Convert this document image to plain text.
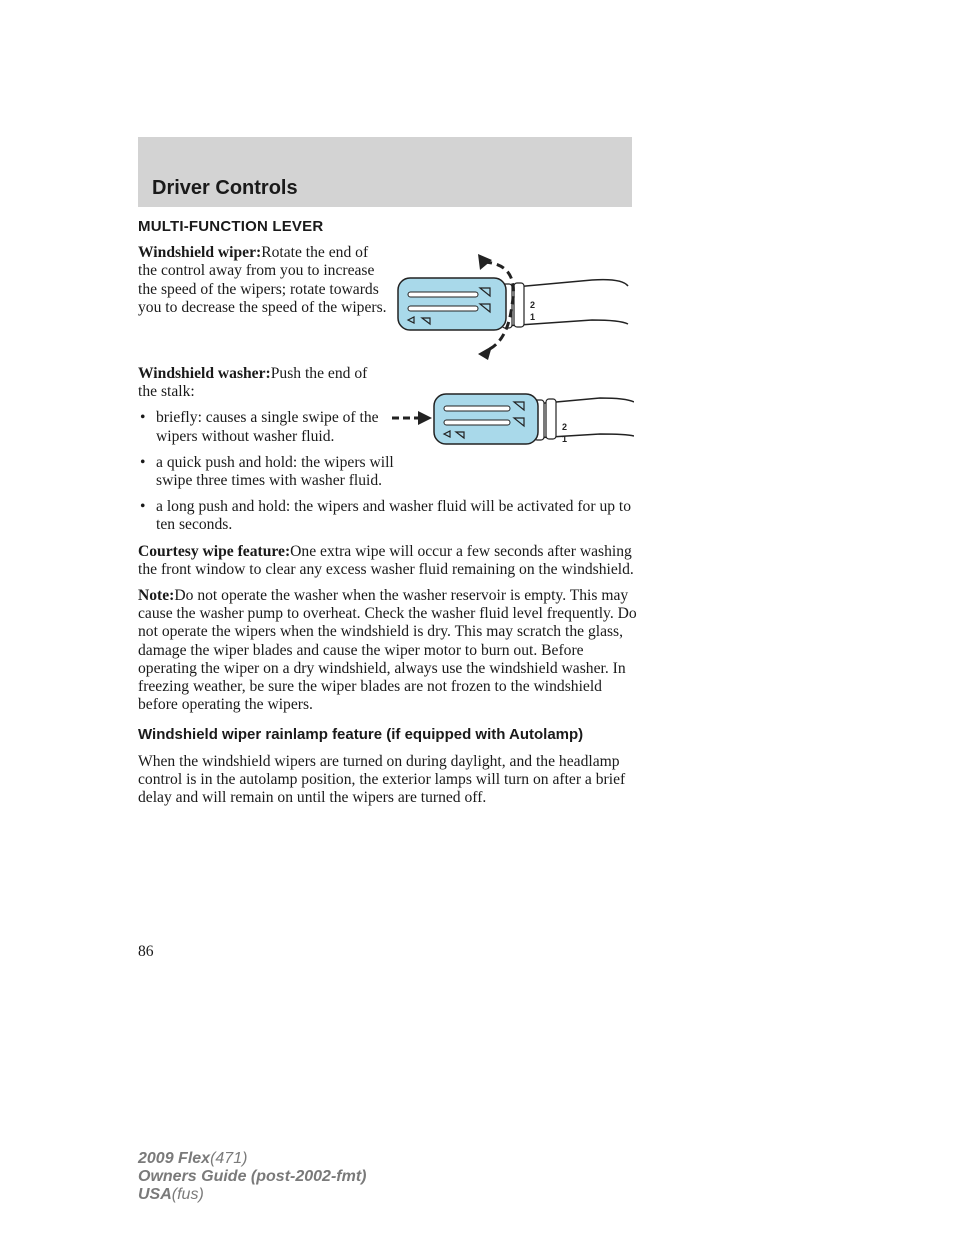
Driver Controls
2
1
2
1
MULTI-FUNCTION LEVER

Windshield wiper:Rotate the end of the control away from you to increase the speed of the wipers; rotate towards you to decrease the speed of the wipers.

Windshield washer:Push the end of the stalk:

• briefly: causes a single swipe of the wipers without washer fluid.
• a quick push and hold: the wipers will swipe three times with washer fluid.
• a long push and hold: the wipers and washer fluid will be activated for up to ten seconds.

Courtesy wipe feature:One extra wipe will occur a few seconds after washing the front window to clear any excess washer fluid remaining on the windshield.

Note:Do not operate the washer when the washer reservoir is empty. This may cause the washer pump to overheat. Check the washer fluid level frequently. Do not operate the wipers when the windshield is dry. This may scratch the glass, damage the wiper blades and cause the wiper motor to burn out. Before operating the wiper on a dry windshield, always use the windshield washer. In freezing weather, be sure the wiper blades are not frozen to the windshield before operating the wipers.

Windshield wiper rainlamp feature (if equipped with Autolamp)

When the windshield wipers are turned on during daylight, and the headlamp control is in the autolamp position, the exterior lamps will turn on after a brief delay and will remain on until the wipers are turned off.

86
2009 Flex(471)
Owners Guide (post-2002-fmt)
USA(fus)
